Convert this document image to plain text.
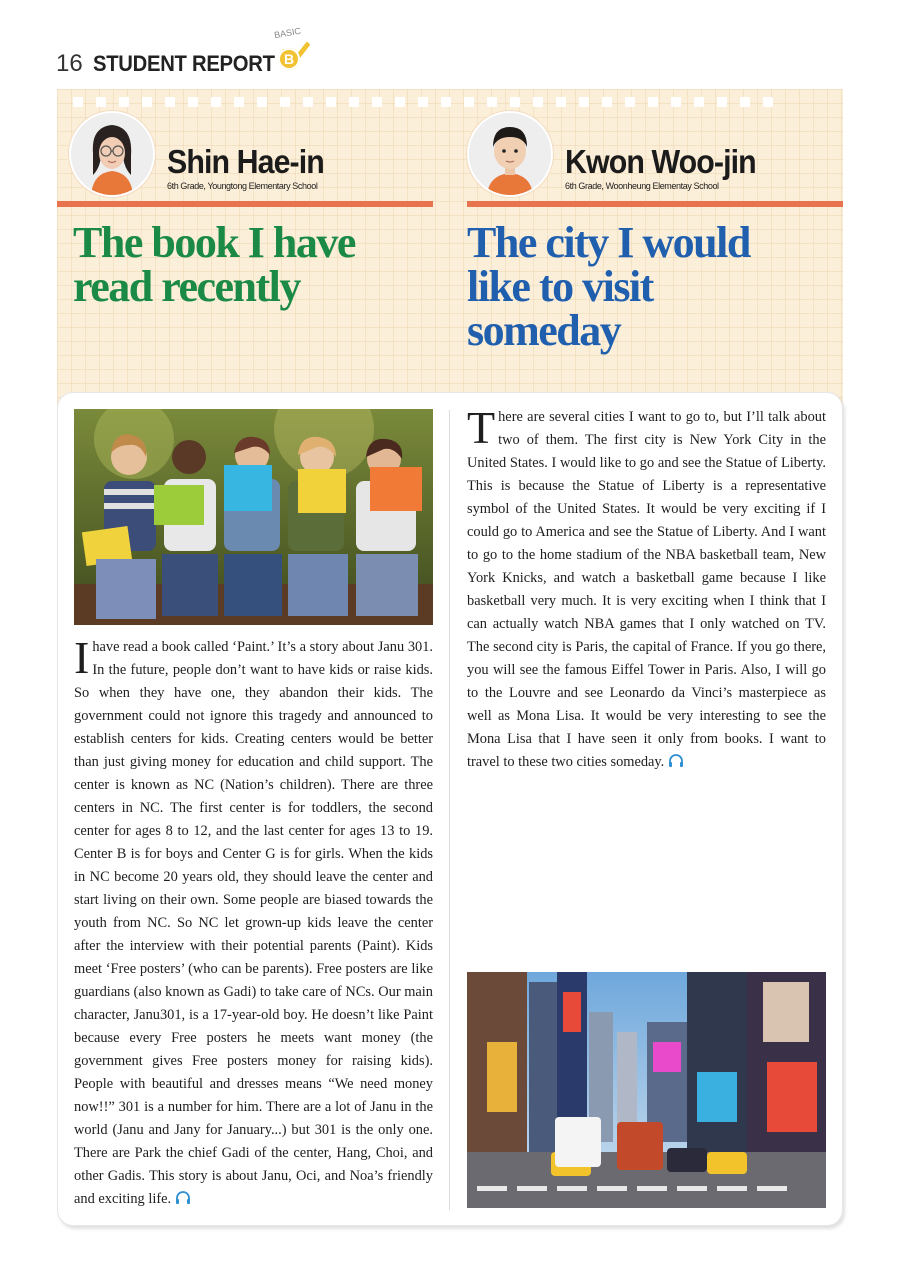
16 STUDENT REPORT
BASIC
B
Shin Hae-in
6th Grade, Youngtong Elementary School
Kwon Woo-jin
6th Grade, Woonheung Elementay School
The book I have
read recently
The city I would
like to visit
someday

Ihave read a book called ‘Paint.’ It’s a story about Janu 301. In the future, people don’t want to have kids or raise kids. So when they have one, they abandon their kids. The government could not ignore this tragedy and announced to establish centers for kids. Creating centers would be better than just giving money for education and child support. The center is known as NC (Nation’s children). There are three centers in NC. The first center is for toddlers, the second center for ages 8 to 12, and the last center for ages 13 to 19. Center B is for boys and Center G is for girls. When the kids in NC become 20 years old, they should leave the center and start living on their own. Some people are biased towards the youth from NC. So NC let grown-up kids leave the center after the interview with their potential parents (Paint). Kids meet ‘Free posters’ (who can be parents). Free posters are like guardians (also known as Gadi) to take care of NCs. Our main character, Janu301, is a 17-year-old boy. He doesn’t like Paint because every Free posters he meets want money (the government gives Free posters money for raising kids). People with beautiful and dresses means “We need money now!!” 301 is a number for him. There are a lot of Janu in the world (Janu and Jany for January...) but 301 is the only one. There are Park the chief Gadi of the center, Hang, Choi, and other Gadis. This story is about Janu, Oci, and Noa’s friendly and exciting life.

There are several cities I want to go to, but I’ll talk about two of them. The first city is New York City in the United States. I would like to go and see the Statue of Liberty. This is because the Statue of Liberty is a representative symbol of the United States. It would be very exciting if I could go to America and see the Statue of Liberty. And I want to go to the home stadium of the NBA basketball team, New York Knicks, and watch a basketball game because I like basketball very much. It is very exciting when I think that I can actually watch NBA games that I only watched on TV. The second city is Paris, the capital of France. If you go there, you will see the famous Eiffel Tower in Paris. Also, I will go to the Louvre and see Leonardo da Vinci’s masterpiece as well as Mona Lisa. It would be very interesting to see the Mona Lisa that I have seen it only from books. I want to travel to these two cities someday.
